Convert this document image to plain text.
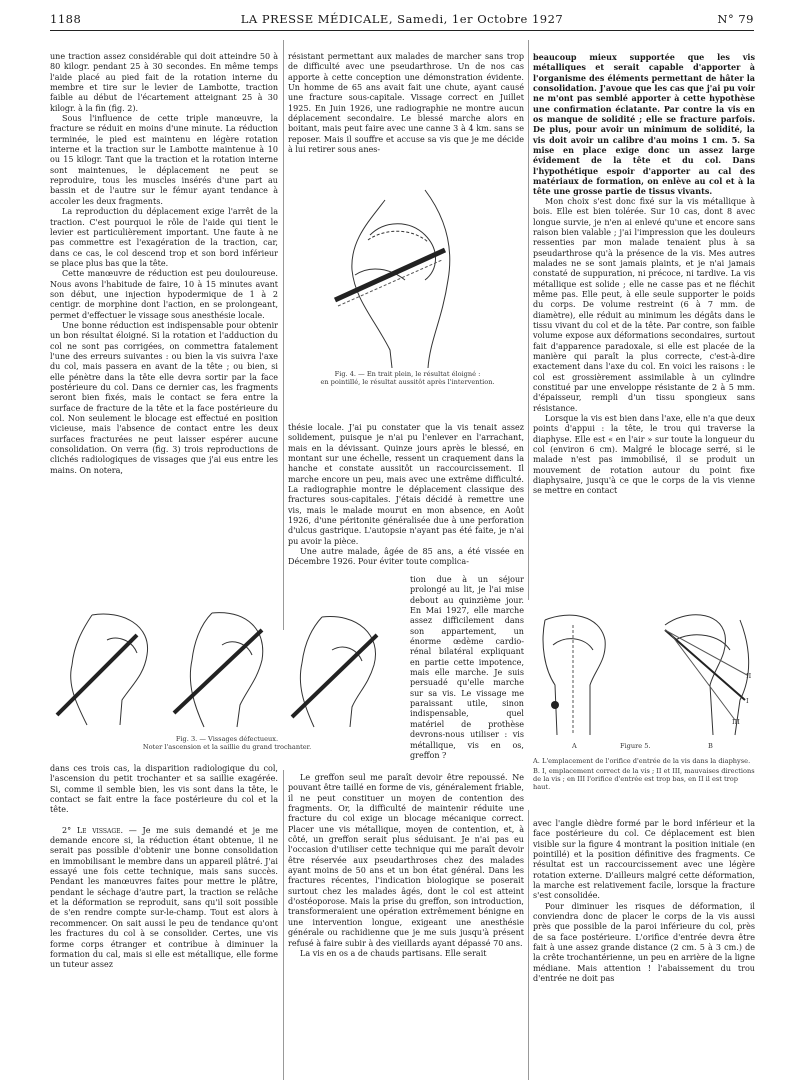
1188	LA PRESSE MÉDICALE, Samedi, 1er Octobre 1927	N° 79

une traction assez considérable qui doit atteindre 50 à 80 kilogr. pendant 25 à 30 secondes. En même temps l'aide placé au pied fait de la rotation interne du membre et tire sur le levier de Lambotte, traction faible au début de l'écartement atteignant 25 à 30 kilogr. à la fin (fig. 2).

Sous l'influence de cette triple manœuvre, la fracture se réduit en moins d'une minute. La réduction terminée, le pied est maintenu en légère rotation interne et la traction sur le Lambotte maintenue à 10 ou 15 kilogr. Tant que la traction et la rotation interne sont maintenues, le déplacement ne peut se reproduire, tous les muscles insérés d'une part au bassin et de l'autre sur le fémur ayant tendance à accoler les deux fragments.

La reproduction du déplacement exige l'arrêt de la traction. C'est pourquoi le rôle de l'aide qui tient le levier est particulièrement important. Une faute à ne pas commettre est l'exagération de la traction, car, dans ce cas, le col descend trop et son bord inférieur se place plus bas que la tête.

Cette manœuvre de réduction est peu douloureuse. Nous avons l'habitude de faire, 10 à 15 minutes avant son début, une injection hypodermique de 1 à 2 centigr. de morphine dont l'action, en se prolongeant, permet d'effectuer le vissage sous anesthésie locale.

Une bonne réduction est indispensable pour obtenir un bon résultat éloigné. Si la rotation et l'adduction du col ne sont pas corrigées, on commettra fatalement l'une des erreurs suivantes : ou bien la vis suivra l'axe du col, mais passera en avant de la tête ; ou bien, si elle pénètre dans la tête elle devra sortir par la face postérieure du col. Dans ce dernier cas, les fragments seront bien fixés, mais le contact se fera entre la surface de fracture de la tête et la face postérieure du col. Non seulement le blocage est effectué en position vicieuse, mais l'absence de contact entre les deux surfaces fracturées ne peut laisser espérer aucune consolidation. On verra (fig. 3) trois reproductions de clichés radiologiques de vissages que j'ai eus entre les mains. On notera,

résistant permettant aux malades de marcher sans trop de difficulté avec une pseudarthrose. Un de nos cas apporte à cette conception une démonstration évidente. Un homme de 65 ans avait fait une chute, ayant causé une fracture sous-capitale. Vissage correct en Juillet 1925. En Juin 1926, une radiographie ne montre aucun déplacement secondaire. Le blessé marche alors en boitant, mais peut faire avec une canne 3 à 4 km. sans se reposer. Mais il souffre et accuse sa vis que je me décide à lui retirer sous anes-

Fig. 4. — En trait plein, le résultat éloigné :
en pointillé, le résultat aussitôt après l'intervention.

thésie locale. J'ai pu constater que la vis tenait assez solidement, puisque je n'ai pu l'enlever en l'arrachant, mais en la dévissant. Quinze jours après le blessé, en montant sur une échelle, ressent un craquement dans la hanche et constate aussitôt un raccourcissement. Il marche encore un peu, mais avec une extrême difficulté. La radiographie montre le déplacement classique des fractures sous-capitales. J'étais décidé à remettre une vis, mais le malade mourut en mon absence, en Août 1926, d'une péritonite généralisée due à une perforation d'ulcus gastrique. L'autopsie n'ayant pas été faite, je n'ai pu avoir la pièce.

Une autre malade, âgée de 85 ans, a été vissée en Décembre 1926. Pour éviter toute complica-

tion due à un séjour prolongé au lit, je l'ai mise debout au quinzième jour. En Mai 1927, elle marche assez difficilement dans son appartement, un énorme œdème cardio-rénal bilatéral expliquant en partie cette impotence, mais elle marche. Je suis persuadé qu'elle marche sur sa vis. Le vissage me paraissant utile, sinon indispensable, quel matériel de prothèse devrons-nous utiliser : vis métallique, vis en os, greffon ?

Fig. 3. — Vissages défectueux.
Noter l'ascension et la saillie du grand trochanter.

dans ces trois cas, la disparition radiologique du col, l'ascension du petit trochanter et sa saillie exagérée. Si, comme il semble bien, les vis sont dans la tête, le contact se fait entre la face postérieure du col et la tête.

2° Le vissage. — Je me suis demandé et je me demande encore si, la réduction étant obtenue, il ne serait pas possible d'obtenir une bonne consolidation en immobilisant le membre dans un appareil plâtré. J'ai essayé une fois cette technique, mais sans succès. Pendant les manœuvres faites pour mettre le plâtre, pendant le séchage d'autre part, la traction se relâche et la déformation se reproduit, sans qu'il soit possible de s'en rendre compte sur-le-champ. Tout est alors à recommencer. On sait aussi le peu de tendance qu'ont les fractures du col à se consolider. Certes, une vis forme corps étranger et contribue à diminuer la formation du cal, mais si elle est métallique, elle forme un tuteur assez

Le greffon seul me paraît devoir être repoussé. Ne pouvant être taillé en forme de vis, généralement friable, il ne peut constituer un moyen de contention des fragments. Or, la difficulté de maintenir réduite une fracture du col exige un blocage mécanique correct. Placer une vis métallique, moyen de contention, et, à côté, un greffon serait plus séduisant. Je n'ai pas eu l'occasion d'utiliser cette technique qui me paraît devoir être réservée aux pseudarthroses chez des malades ayant moins de 50 ans et un bon état général. Dans les fractures récentes, l'indication biologique se poserait surtout chez les malades âgés, dont le col est atteint d'ostéoporose. Mais la prise du greffon, son introduction, transformeraient une opération extrêmement bénigne en une intervention longue, exigeant une anesthésie générale ou rachidienne que je me suis jusqu'à présent refusé à faire subir à des vieillards ayant dépassé 70 ans.

La vis en os a de chauds partisans. Elle serait

beaucoup mieux supportée que les vis métalliques et serait capable d'apporter à l'organisme des éléments permettant de hâter la consolidation. J'avoue que les cas que j'ai pu voir ne m'ont pas semblé apporter à cette hypothèse une confirmation éclatante. Par contre la vis en os manque de solidité ; elle se fracture parfois. De plus, pour avoir un minimum de solidité, la vis doit avoir un calibre d'au moins 1 cm. 5. Sa mise en place exige donc un assez large évidement de la tête et du col. Dans l'hypothétique espoir d'apporter au cal des matériaux de formation, on enlève au col et à la tête une grosse partie de tissus vivants.

Mon choix s'est donc fixé sur la vis métallique à bois. Elle est bien tolérée. Sur 10 cas, dont 8 avec longue survie, je n'en ai enlevé qu'une et encore sans raison bien valable ; j'ai l'impression que les douleurs ressenties par mon malade tenaient plus à sa pseudarthrose qu'à la présence de la vis. Mes autres malades ne se sont jamais plaints, et je n'ai jamais constaté de suppuration, ni précoce, ni tardive. La vis métallique est solide ; elle ne casse pas et ne fléchit même pas. Elle peut, à elle seule supporter le poids du corps. De volume restreint (6 à 7 mm. de diamètre), elle réduit au minimum les dégâts dans le tissu vivant du col et de la tête. Par contre, son faible volume expose aux déformations secondaires, surtout fait d'apparence paradoxale, si elle est placée de la manière qui paraît la plus correcte, c'est-à-dire exactement dans l'axe du col. En voici les raisons : le col est grossièrement assimilable à un cylindre constitué par une enveloppe résistante de 2 à 5 mm. d'épaisseur, rempli d'un tissu spongieux sans résistance.

Lorsque la vis est bien dans l'axe, elle n'a que deux points d'appui : la tête, le trou qui traverse la diaphyse. Elle est « en l'air » sur toute la longueur du col (environ 6 cm). Malgré le blocage serré, si le malade n'est pas immobilisé, il se produit un mouvement de rotation autour du point fixe diaphysaire, jusqu'à ce que le corps de la vis vienne se mettre en contact

A	Figure 5.	B
I
II
III
A. L'emplacement de l'orifice d'entrée de la vis dans la diaphyse.
B. I, emplacement correct de la vis ; II et III, mauvaises directions de la vis ; en III l'orifice d'entrée est trop bas, en II il est trop haut.

avec l'angle dièdre formé par le bord inférieur et la face postérieure du col. Ce déplacement est bien visible sur la figure 4 montrant la position initiale (en pointillé) et la position définitive des fragments. Ce résultat est un raccourcissement avec une légère rotation externe. D'ailleurs malgré cette déformation, la marche est relativement facile, lorsque la fracture s'est consolidée.

Pour diminuer les risques de déformation, il conviendra donc de placer le corps de la vis aussi près que possible de la paroi inférieure du col, près de sa face postérieure. L'orifice d'entrée devra être fait à une assez grande distance (2 cm. 5 à 3 cm.) de la crête trochantérienne, un peu en arrière de la ligne médiane. Mais attention ! l'abaissement du trou d'entrée ne doit pas
